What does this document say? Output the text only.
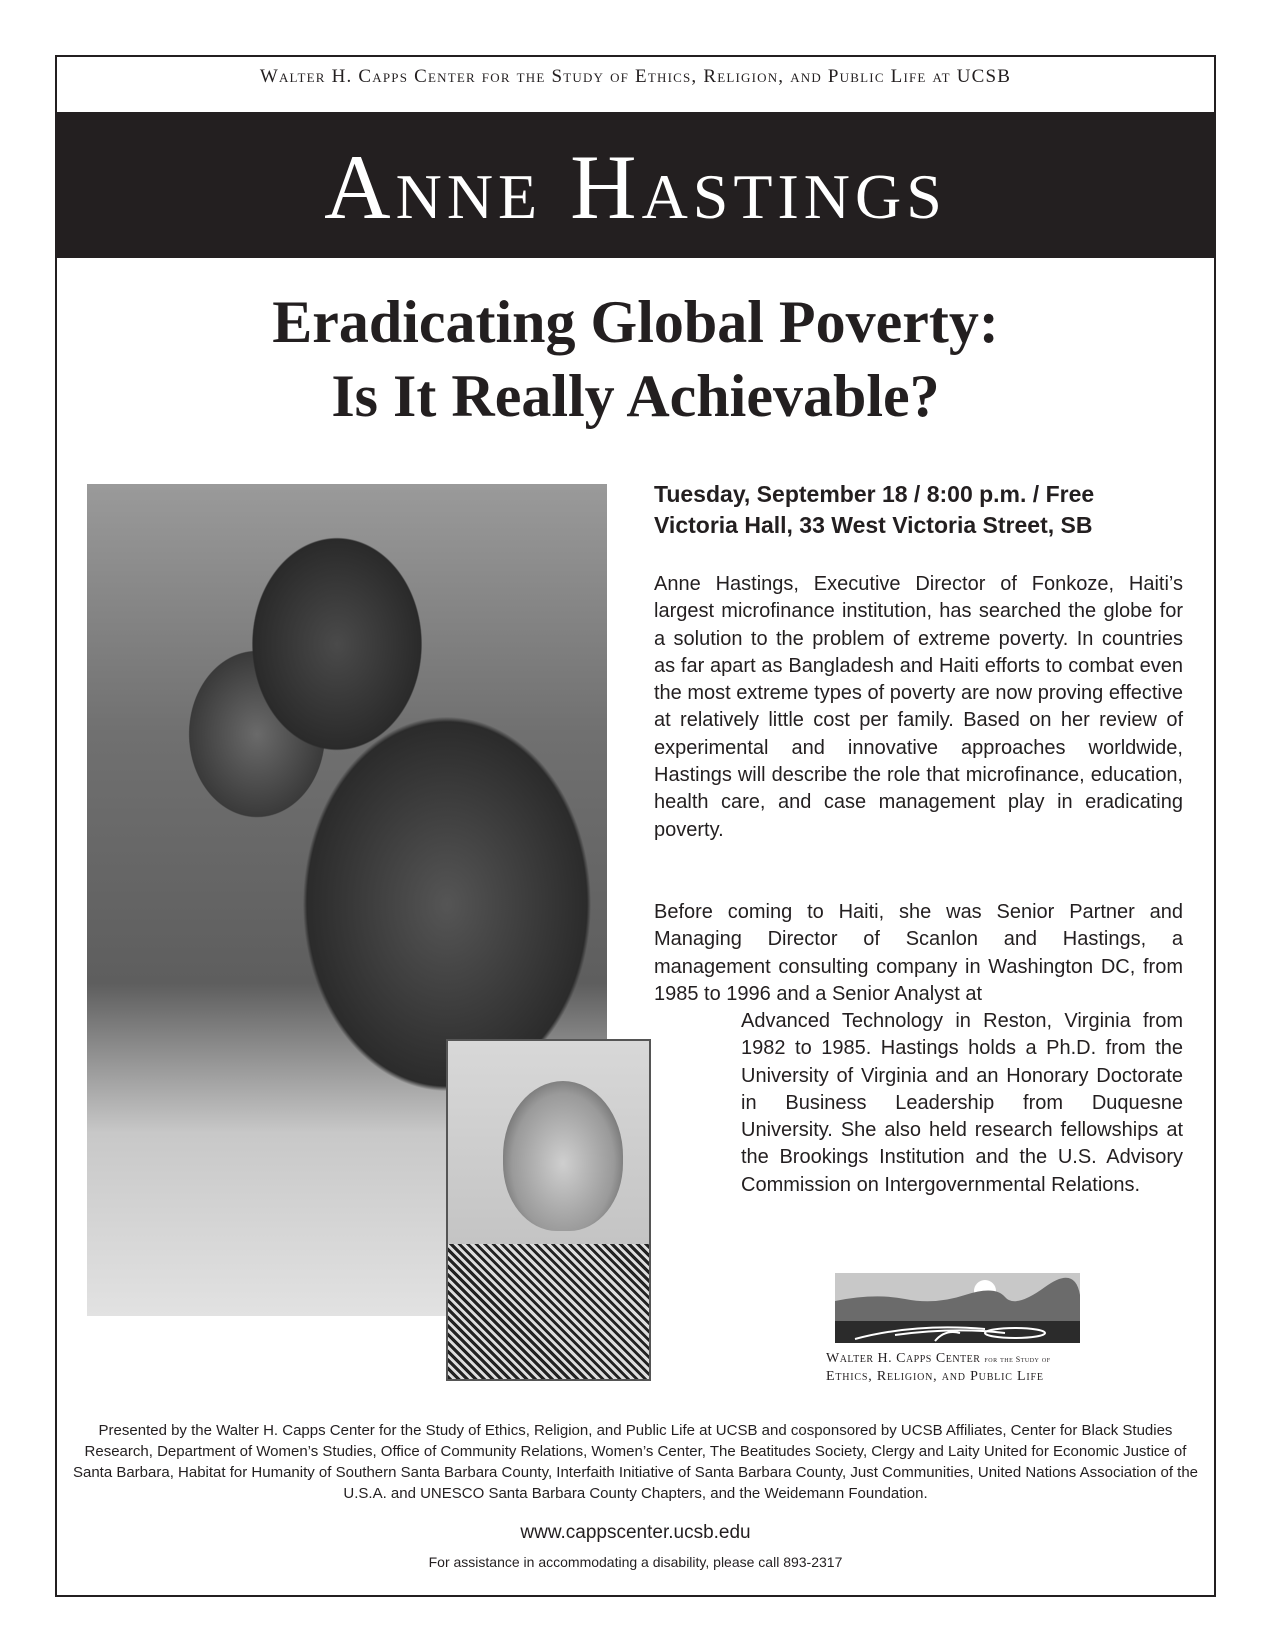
Walter H. Capps Center for the Study of Ethics, Religion, and Public Life at UCSB
Anne Hastings
Eradicating Global Poverty:
Is It Really Achievable?
Tuesday, September 18 / 8:00 p.m. / Free
Victoria Hall, 33 West Victoria Street, SB

Anne Hastings, Executive Director of Fonkoze, Haiti’s largest microfinance institution, has searched the globe for a solution to the problem of extreme poverty. In countries as far apart as Bangladesh and Haiti efforts to combat even the most extreme types of poverty are now proving effective at relatively little cost per family. Based on her review of experimental and innovative approaches worldwide, Hastings will describe the role that microfinance, education, health care, and case management play in eradicating poverty.

Before coming to Haiti, she was Senior Partner and Managing Director of Scanlon and Hastings, a management consulting company in Washington DC, from 1985 to 1996 and a Senior Analyst at
Advanced Technology in Reston, Virginia from 1982 to 1985. Hastings holds a Ph.D. from the University of Virginia and an Honorary Doctorate in Business Leadership from Duquesne University. She also held research fellowships at the Brookings Institution and the U.S. Advisory Commission on Intergovernmental Relations.
Walter H. Capps Center for the Study of
Ethics, Religion, and Public Life
Presented by the Walter H. Capps Center for the Study of Ethics, Religion, and Public Life at UCSB and cosponsored by UCSB Affiliates, Center for Black Studies Research, Department of Women’s Studies, Office of Community Relations, Women’s Center, The Beatitudes Society, Clergy and Laity United for Economic Justice of Santa Barbara, Habitat for Humanity of Southern Santa Barbara County, Interfaith Initiative of Santa Barbara County, Just Communities, United Nations Association of the U.S.A. and UNESCO Santa Barbara County Chapters, and the Weidemann Foundation.
www.cappscenter.ucsb.edu
For assistance in accommodating a disability, please call 893-2317
